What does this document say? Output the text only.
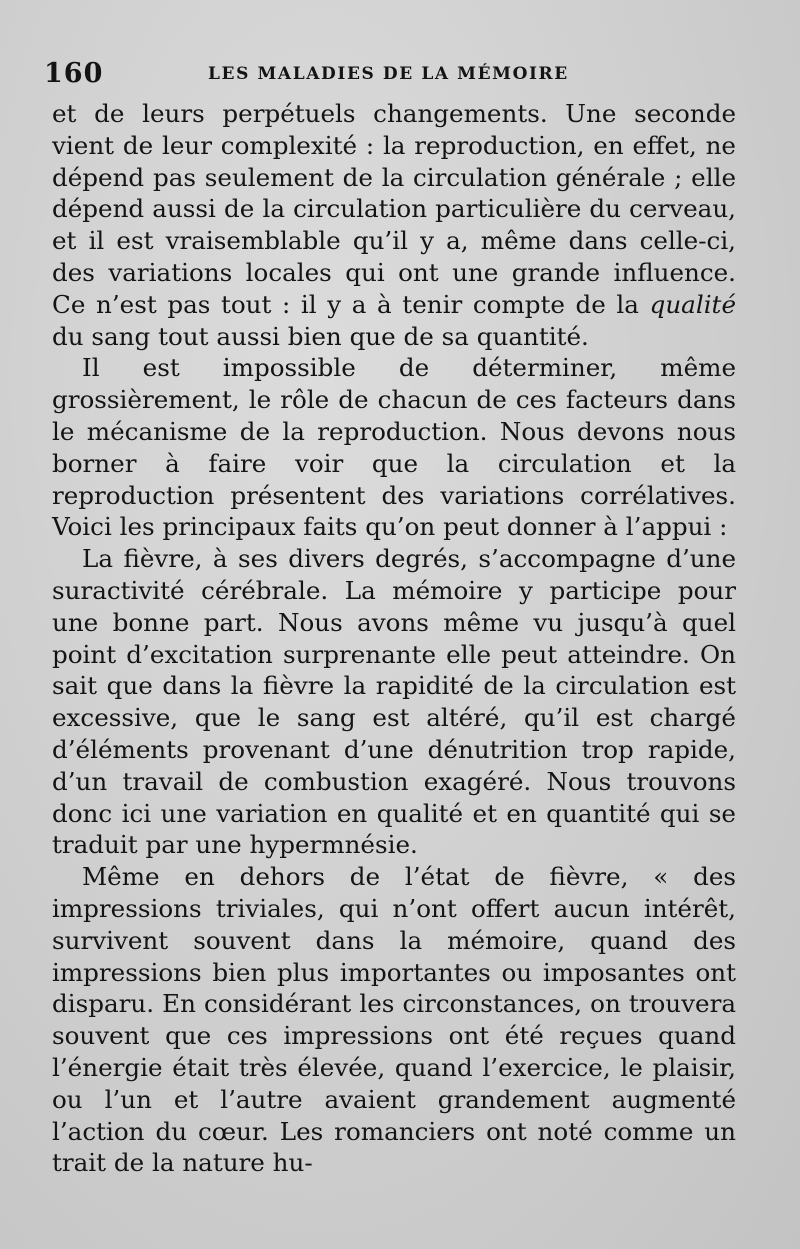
160	LES MALADIES DE LA MÉMOIRE

et de leurs perpétuels changements. Une seconde vient de leur complexité : la reproduction, en effet, ne dépend pas seulement de la circulation générale ; elle dépend aussi de la circulation particulière du cerveau, et il est vraisemblable qu’il y a, même dans celle-ci, des variations locales qui ont une grande influence. Ce n’est pas tout : il y a à tenir compte de la qualité du sang tout aussi bien que de sa quantité.

Il est impossible de déterminer, même grossièrement, le rôle de chacun de ces facteurs dans le mécanisme de la reproduction. Nous devons nous borner à faire voir que la circulation et la reproduction présentent des variations corrélatives. Voici les principaux faits qu’on peut donner à l’appui :

La fièvre, à ses divers degrés, s’accompagne d’une suractivité cérébrale. La mémoire y participe pour une bonne part. Nous avons même vu jusqu’à quel point d’excitation surprenante elle peut atteindre. On sait que dans la fièvre la rapidité de la circulation est excessive, que le sang est altéré, qu’il est chargé d’éléments provenant d’une dénutrition trop rapide, d’un travail de combustion exagéré. Nous trouvons donc ici une variation en qualité et en quantité qui se traduit par une hypermnésie.

Même en dehors de l’état de fièvre, « des impressions triviales, qui n’ont offert aucun intérêt, survivent souvent dans la mémoire, quand des impressions bien plus importantes ou imposantes ont disparu. En considérant les circonstances, on trouvera souvent que ces impressions ont été reçues quand l’énergie était très élevée, quand l’exercice, le plaisir, ou l’un et l’autre avaient grandement augmenté l’action du cœur. Les romanciers ont noté comme un trait de la nature hu-
